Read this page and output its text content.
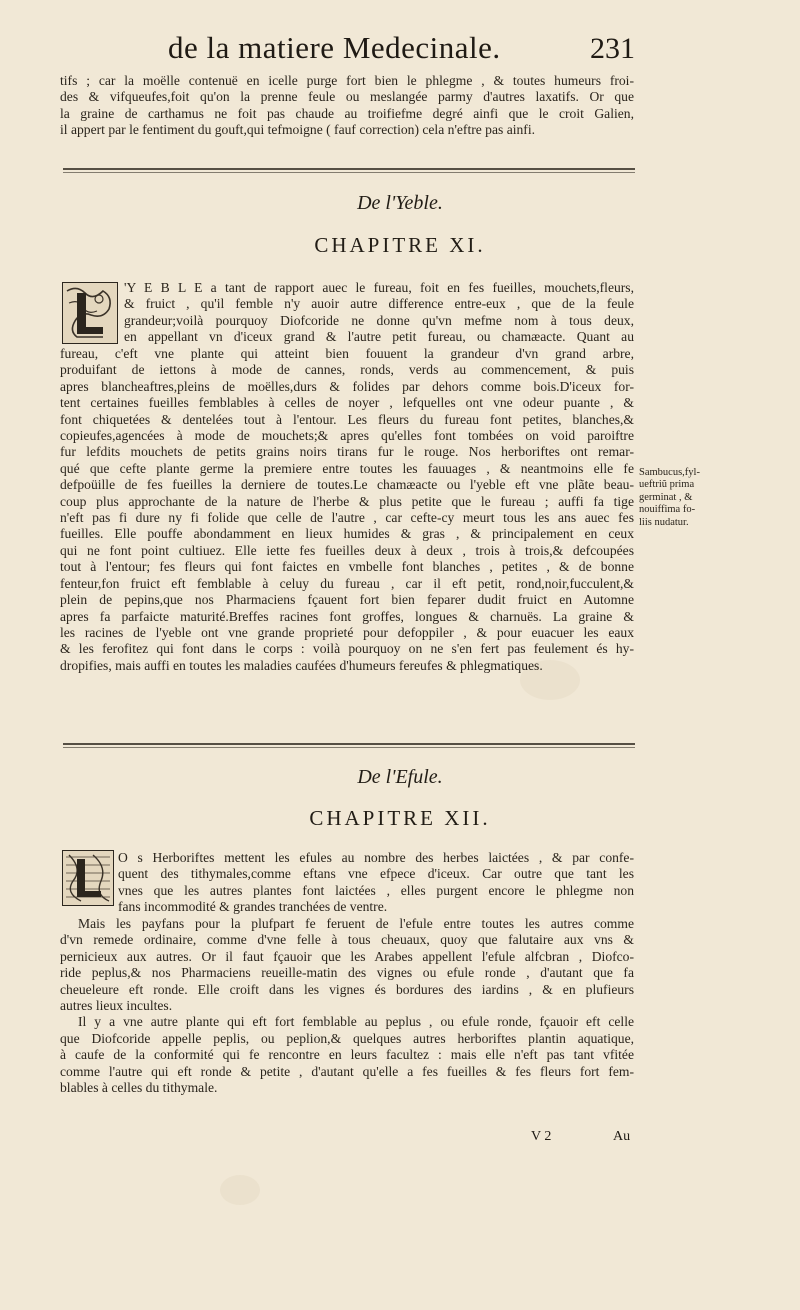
de la matiere Medecinale.	231
tifs ; car la moëlle contenuë en icelle purge fort bien le phlegme , & toutes humeurs froi-
des & vifqueufes,foit qu'on la prenne feule ou meslangée parmy d'autres laxatifs. Or que
la graine de carthamus ne foit pas chaude au troifiefme degré ainfi que le croit Galien,
il appert par le fentiment du gouft,qui tefmoigne ( fauf correction) cela n'eftre pas ainfi.
De l'Yeble.
CHAPITRE XI.
'Y E B L E a tant de rapport auec le fureau, foit en fes fueilles, mouchets,fleurs,
& fruict , qu'il femble n'y auoir autre difference entre-eux , que de la feule
grandeur;voilà pourquoy Diofcoride ne donne qu'vn mefme nom à tous deux,
en appellant vn d'iceux grand & l'autre petit fureau, ou chamæacte. Quant au
fureau, c'eft vne plante qui atteint bien fouuent la grandeur d'vn grand arbre,
produifant de iettons à mode de cannes, ronds, verds au commencement, & puis
apres blancheaftres,pleins de moëlles,durs & folides par dehors comme bois.D'iceux for-
tent certaines fueilles femblables à celles de noyer , lefquelles ont vne odeur puante , &
font chiquetées & dentelées tout à l'entour. Les fleurs du fureau font petites, blanches,&
copieufes,agencées à mode de mouchets;& apres qu'elles font tombées on void paroiftre
fur lefdits mouchets de petits grains noirs tirans fur le rouge. Nos herboriftes ont remar-
qué que cefte plante germe la premiere entre toutes les fauuages , & neantmoins elle fe
defpoüille de fes fueilles la derniere de toutes.Le chamæacte ou l'yeble eft vne plãte beau-
coup plus approchante de la nature de l'herbe & plus petite que le fureau ; auffi fa tige
n'eft pas fi dure ny fi folide que celle de l'autre , car cefte-cy meurt tous les ans auec fes
fueilles. Elle pouffe abondamment en lieux humides & gras , & principalement en ceux
qui ne font point cultiuez. Elle iette fes fueilles deux à deux , trois à trois,& defcoupées
tout à l'entour; fes fleurs qui font faictes en vmbelle font blanches , petites , & de bonne
fenteur,fon fruict eft femblable à celuy du fureau , car il eft petit, rond,noir,fucculent,&
plein de pepins,que nos Pharmaciens fçauent fort bien feparer dudit fruict en Automne
apres fa parfaicte maturité.Breffes racines font groffes, longues & charnuës. La graine &
les racines de l'yeble ont vne grande proprieté pour defoppiler , & pour euacuer les eaux
& les ferofitez qui font dans le corps : voilà pourquoy on ne s'en fert pas feulement és hy-
dropifies, mais auffi en toutes les maladies caufées d'humeurs fereufes & phlegmatiques.
Sambucus,fyl-
ueftriũ prima
germinat , &
nouiffima fo-
liis nudatur.
De l'Efule.
CHAPITRE XII.
O s Herboriftes mettent les efules au nombre des herbes laictées , & par confe-
quent des tithymales,comme eftans vne efpece d'iceux. Car outre que tant les
vnes que les autres plantes font laictées , elles purgent encore le phlegme non
fans incommodité & grandes tranchées de ventre.
Mais les payfans pour la plufpart fe feruent de l'efule entre toutes les autres comme
d'vn remede ordinaire, comme d'vne felle à tous cheuaux, quoy que falutaire aux vns &
pernicieux aux autres. Or il faut fçauoir que les Arabes appellent l'efule alfcbran , Diofco-
ride peplus,& nos Pharmaciens reueille-matin des vignes ou efule ronde , d'autant que fa
cheueleure eft ronde. Elle croift dans les vignes és bordures des iardins , & en plufieurs
autres lieux incultes.
Il y a vne autre plante qui eft fort femblable au peplus , ou efule ronde, fçauoir eft celle
que Diofcoride appelle peplis, ou peplion,& quelques autres herboriftes plantin aquatique,
à caufe de la conformité qui fe rencontre en leurs facultez : mais elle n'eft pas tant vfitée
comme l'autre qui eft ronde & petite , d'autant qu'elle a fes fueilles & fes fleurs fort fem-
blables à celles du tithymale.
V 2	Au
